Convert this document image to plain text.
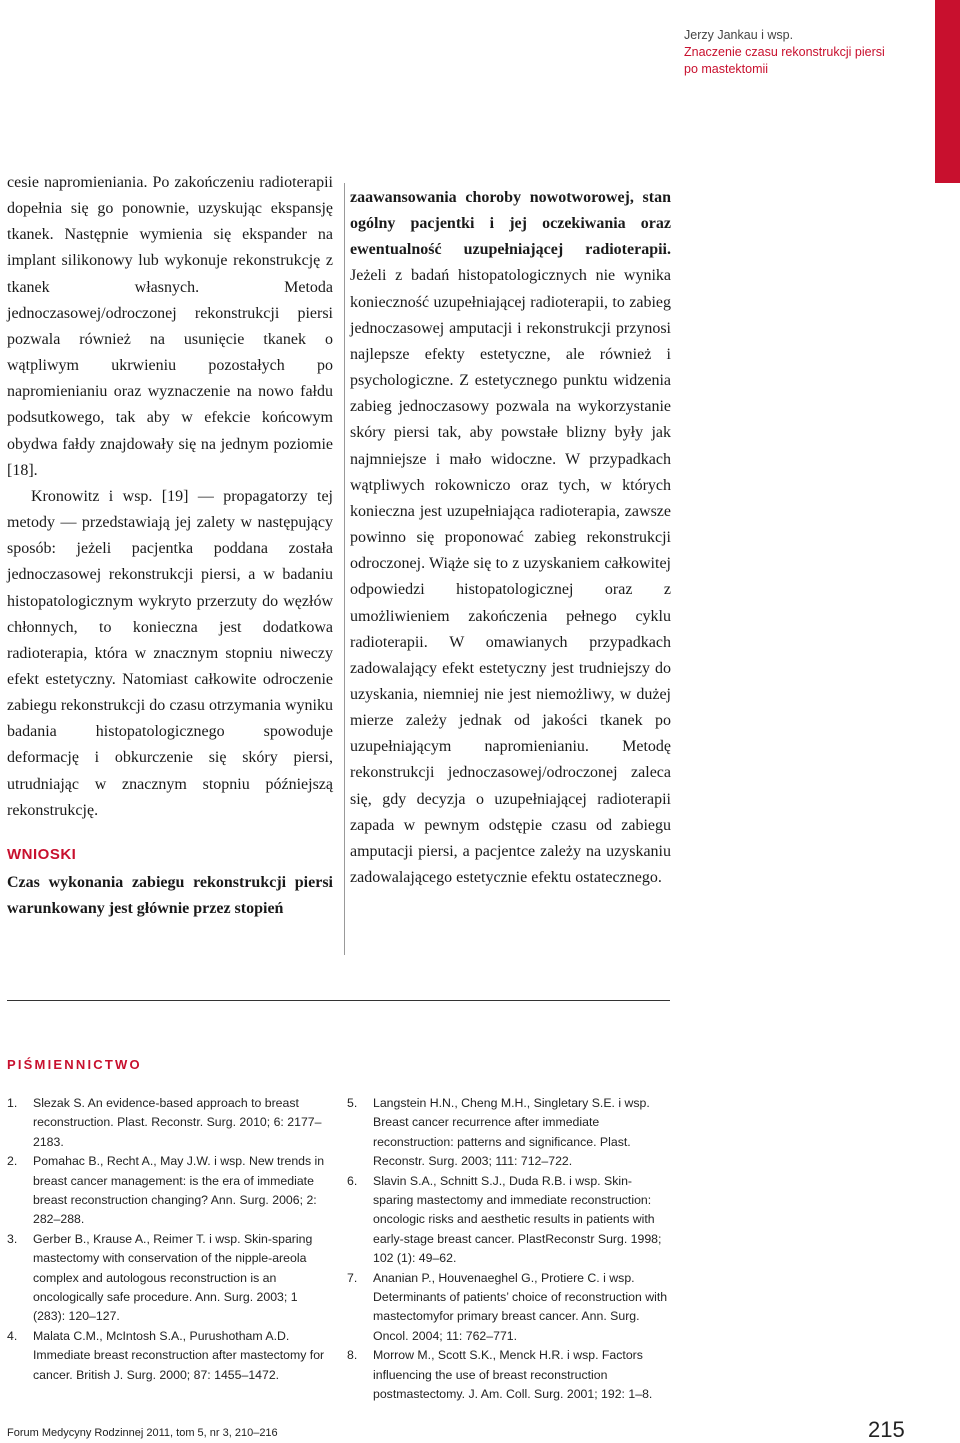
Jerzy Jankau i wsp.
Znaczenie czasu rekonstrukcji piersi
po mastektomii

cesie napromieniania. Po zakończeniu radioterapii dopełnia się go ponownie, uzyskując ekspansję tkanek. Następnie wymienia się ekspander na implant silikonowy lub wykonuje rekonstrukcję z tkanek własnych. Metoda jednoczasowej/odroczonej rekonstrukcji piersi pozwala również na usunięcie tkanek o wątpliwym ukrwieniu pozostałych po napromienianiu oraz wyznaczenie na nowo fałdu podsutkowego, tak aby w efekcie końcowym obydwa fałdy znajdowały się na jednym poziomie [18].

Kronowitz i wsp. [19] — propagatorzy tej metody — przedstawiają jej zalety w następujący sposób: jeżeli pacjentka poddana została jednoczasowej rekonstrukcji piersi, a w badaniu histopatologicznym wykryto przerzuty do węzłów chłonnych, to konieczna jest dodatkowa radioterapia, która w znacznym stopniu niweczy efekt estetyczny. Natomiast całkowite odroczenie zabiegu rekonstrukcji do czasu otrzymania wyniku badania histopatologicznego spowoduje deformację i obkurczenie się skóry piersi, utrudniając w znacznym stopniu późniejszą rekonstrukcję.

WNIOSKI

Czas wykonania zabiegu rekonstrukcji piersi warunkowany jest głównie przez stopień

zaawansowania choroby nowotworowej, stan ogólny pacjentki i jej oczekiwania oraz ewentualność uzupełniającej radioterapii. Jeżeli z badań histopatologicznych nie wynika konieczność uzupełniającej radioterapii, to zabieg jednoczasowej amputacji i rekonstrukcji przynosi najlepsze efekty estetyczne, ale również i psychologiczne. Z estetycznego punktu widzenia zabieg jednoczasowy pozwala na wykorzystanie skóry piersi tak, aby powstałe blizny były jak najmniejsze i mało widoczne. W przypadkach wątpliwych rokowniczo oraz tych, w których konieczna jest uzupełniająca radioterapia, zawsze powinno się proponować zabieg rekonstrukcji odroczonej. Wiąże się to z uzyskaniem całkowitej odpowiedzi histopatologicznej oraz z umożliwieniem zakończenia pełnego cyklu radioterapii. W omawianych przypadkach zadowalający efekt estetyczny jest trudniejszy do uzyskania, niemniej nie jest niemożliwy, w dużej mierze zależy jednak od jakości tkanek po uzupełniającym napromienianiu. Metodę rekonstrukcji jednoczasowej/odroczonej zaleca się, gdy decyzja o uzupełniającej radioterapii zapada w pewnym odstępie czasu od zabiegu amputacji piersi, a pacjentce zależy na uzyskaniu zadowalającego estetycznie efektu ostatecznego.

PIŚMIENNICTWO
1.	Slezak S. An evidence-based approach to breast reconstruction. Plast. Reconstr. Surg. 2010; 6: 2177–2183.
2.	Pomahac B., Recht A., May J.W. i wsp. New trends in breast cancer management: is the era of immediate breast reconstruction changing? Ann. Surg. 2006; 2: 282–288.
3.	Gerber B., Krause A., Reimer T. i wsp. Skin-sparing mastectomy with conservation of the nipple-areola complex and autologous reconstruction is an oncologically safe procedure. Ann. Surg. 2003; 1 (283): 120–127.
4.	Malata C.M., McIntosh S.A., Purushotham A.D. Immediate breast reconstruction after mastectomy for cancer. British J. Surg. 2000; 87: 1455–1472.
5.	Langstein H.N., Cheng M.H., Singletary S.E. i wsp. Breast cancer recurrence after immediate reconstruction: patterns and significance. Plast. Reconstr. Surg. 2003; 111: 712–722.
6.	Slavin S.A., Schnitt S.J., Duda R.B. i wsp. Skin-sparing mastectomy and immediate reconstruction: oncologic risks and aesthetic results in patients with early-stage breast cancer. PlastReconstr Surg. 1998; 102 (1): 49–62.
7.	Ananian P., Houvenaeghel G., Protiere C. i wsp. Determinants of patients’ choice of reconstruction with mastectomyfor primary breast cancer. Ann. Surg. Oncol. 2004; 11: 762–771.
8.	Morrow M., Scott S.K., Menck H.R. i wsp. Factors influencing the use of breast reconstruction postmastectomy. J. Am. Coll. Surg. 2001; 192: 1–8.
Forum Medycyny Rodzinnej 2011, tom 5, nr 3, 210–216	215
